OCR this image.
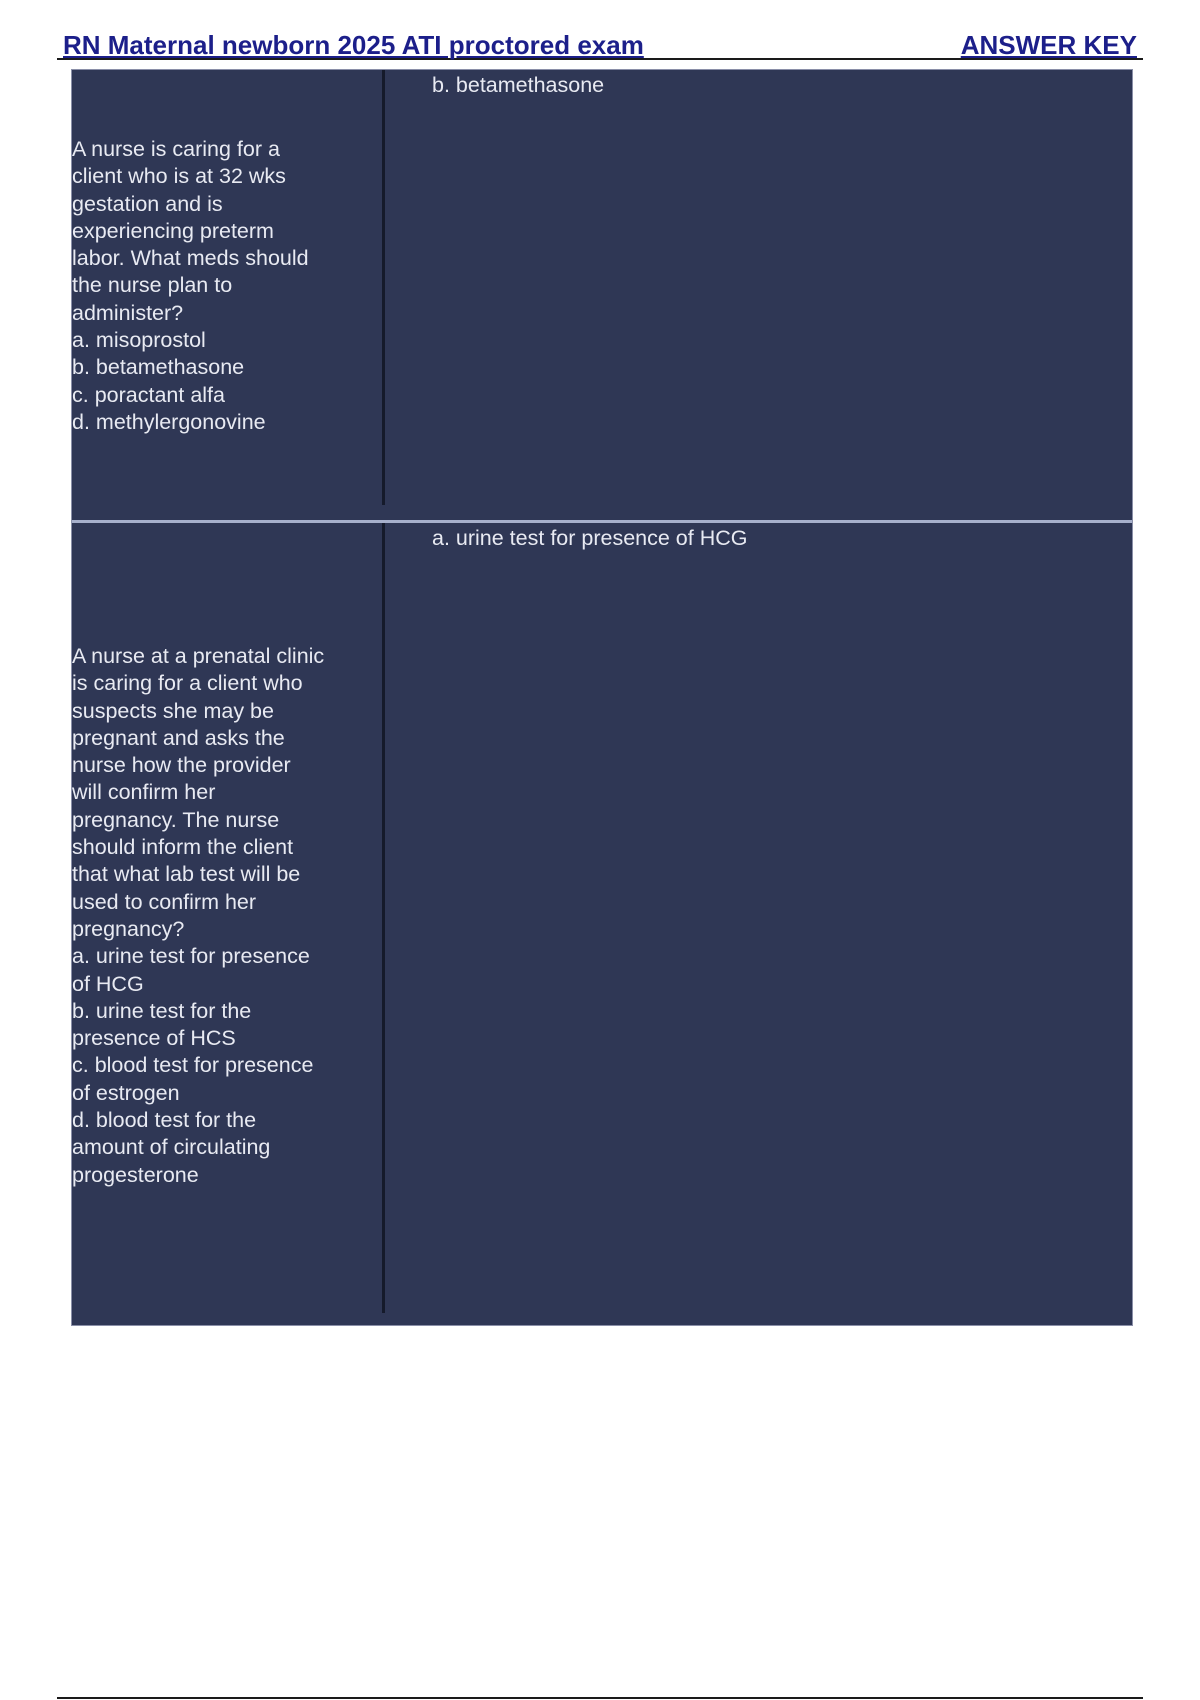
RN Maternal newborn 2025 ATI proctored exam	ANSWER KEY
A nurse is caring for a
client who is at 32 wks
gestation and is
experiencing preterm
labor. What meds should
the nurse plan to
administer?
a. misoprostol
b. betamethasone
c. poractant alfa
d. methylergonovine
b. betamethasone
A nurse at a prenatal clinic
is caring for a client who
suspects she may be
pregnant and asks the
nurse how the provider
will confirm her
pregnancy. The nurse
should inform the client
that what lab test will be
used to confirm her
pregnancy?
a. urine test for presence
of HCG
b. urine test for the
presence of HCS
c. blood test for presence
of estrogen
d. blood test for the
amount of circulating
progesterone
a. urine test for presence of HCG
